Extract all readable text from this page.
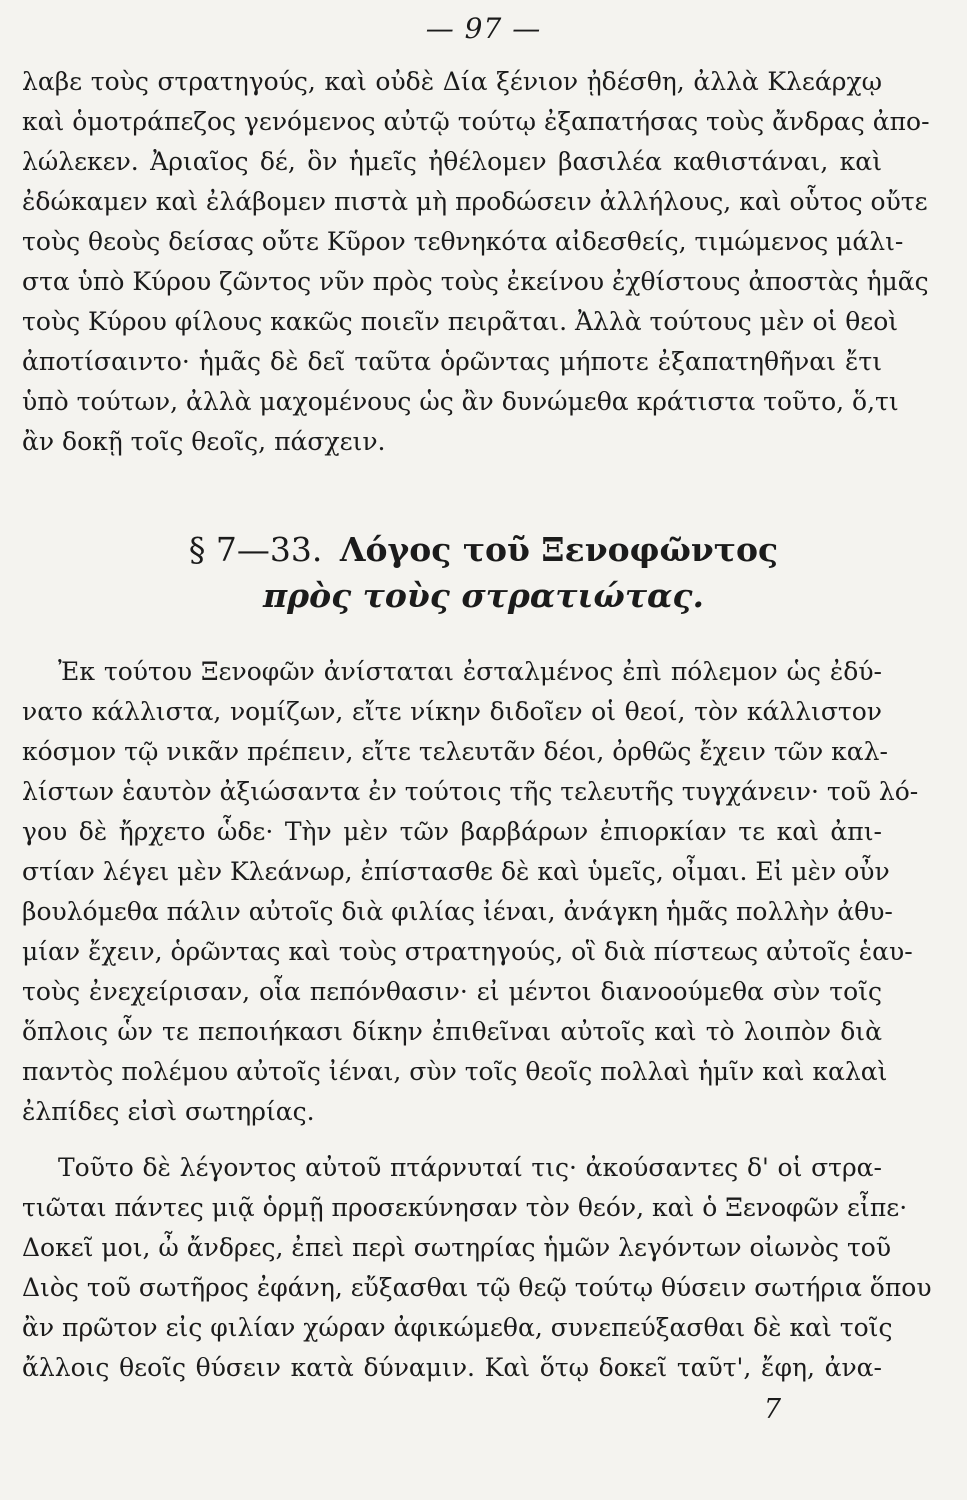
— 97 —
λαβε τοὺς στρατηγούς, καὶ οὐδὲ Δία ξένιον ᾐδέσθη, ἀλλὰ Κλεάρχῳ
καὶ ὁμοτράπεζος γενόμενος αὐτῷ τούτῳ ἐξαπατήσας τοὺς ἄνδρας ἀπο-
λώλεκεν. Ἀριαῖος δέ, ὃν ἡμεῖς ἠθέλομεν βασιλέα καθιστάναι, καὶ
ἐδώκαμεν καὶ ἐλάβομεν πιστὰ μὴ προδώσειν ἀλλήλους, καὶ οὗτος οὔτε
τοὺς θεοὺς δείσας οὔτε Κῦρον τεθνηκότα αἰδεσθείς, τιμώμενος μάλι-
στα ὑπὸ Κύρου ζῶντος νῦν πρὸς τοὺς ἐκείνου ἐχθίστους ἀποστὰς ἡμᾶς
τοὺς Κύρου φίλους κακῶς ποιεῖν πειρᾶται. Ἀλλὰ τούτους μὲν οἱ θεοὶ
ἀποτίσαιντο· ἡμᾶς δὲ δεῖ ταῦτα ὁρῶντας μήποτε ἐξαπατηθῆναι ἔτι
ὑπὸ τούτων, ἀλλὰ μαχομένους ὡς ἂν δυνώμεθα κράτιστα τοῦτο, ὅ,τι
ἂν δοκῇ τοῖς θεοῖς, πάσχειν.
§ 7—33. Λόγος τοῦ Ξενοφῶντος
πρὸς τοὺς στρατιώτας.
Ἐκ τούτου Ξενοφῶν ἀνίσταται ἐσταλμένος ἐπὶ πόλεμον ὡς ἐδύ-
νατο κάλλιστα, νομίζων, εἴτε νίκην διδοῖεν οἱ θεοί, τὸν κάλλιστον
κόσμον τῷ νικᾶν πρέπειν, εἴτε τελευτᾶν δέοι, ὀρθῶς ἔχειν τῶν καλ-
λίστων ἑαυτὸν ἀξιώσαντα ἐν τούτοις τῆς τελευτῆς τυγχάνειν· τοῦ λό-
γου δὲ ἤρχετο ὧδε· Τὴν μὲν τῶν βαρβάρων ἐπιορκίαν τε καὶ ἀπι-
στίαν λέγει μὲν Κλεάνωρ, ἐπίστασθε δὲ καὶ ὑμεῖς, οἶμαι. Εἰ μὲν οὖν
βουλόμεθα πάλιν αὐτοῖς διὰ φιλίας ἰέναι, ἀνάγκη ἡμᾶς πολλὴν ἀθυ-
μίαν ἔχειν, ὁρῶντας καὶ τοὺς στρατηγούς, οἳ διὰ πίστεως αὐτοῖς ἑαυ-
τοὺς ἐνεχείρισαν, οἷα πεπόνθασιν· εἰ μέντοι διανοούμεθα σὺν τοῖς
ὅπλοις ὧν τε πεποιήκασι δίκην ἐπιθεῖναι αὐτοῖς καὶ τὸ λοιπὸν διὰ
παντὸς πολέμου αὐτοῖς ἰέναι, σὺν τοῖς θεοῖς πολλαὶ ἡμῖν καὶ καλαὶ
ἐλπίδες εἰσὶ σωτηρίας.
Τοῦτο δὲ λέγοντος αὐτοῦ πτάρνυταί τις· ἀκούσαντες δ' οἱ στρα-
τιῶται πάντες μιᾷ ὁρμῇ προσεκύνησαν τὸν θεόν, καὶ ὁ Ξενοφῶν εἶπε·
Δοκεῖ μοι, ὦ ἄνδρες, ἐπεὶ περὶ σωτηρίας ἡμῶν λεγόντων οἰωνὸς τοῦ
Διὸς τοῦ σωτῆρος ἐφάνη, εὔξασθαι τῷ θεῷ τούτῳ θύσειν σωτήρια ὅπου
ἂν πρῶτον εἰς φιλίαν χώραν ἀφικώμεθα, συνεπεύξασθαι δὲ καὶ τοῖς
ἄλλοις θεοῖς θύσειν κατὰ δύναμιν. Καὶ ὅτῳ δοκεῖ ταῦτ', ἔφη, ἀνα-
7
